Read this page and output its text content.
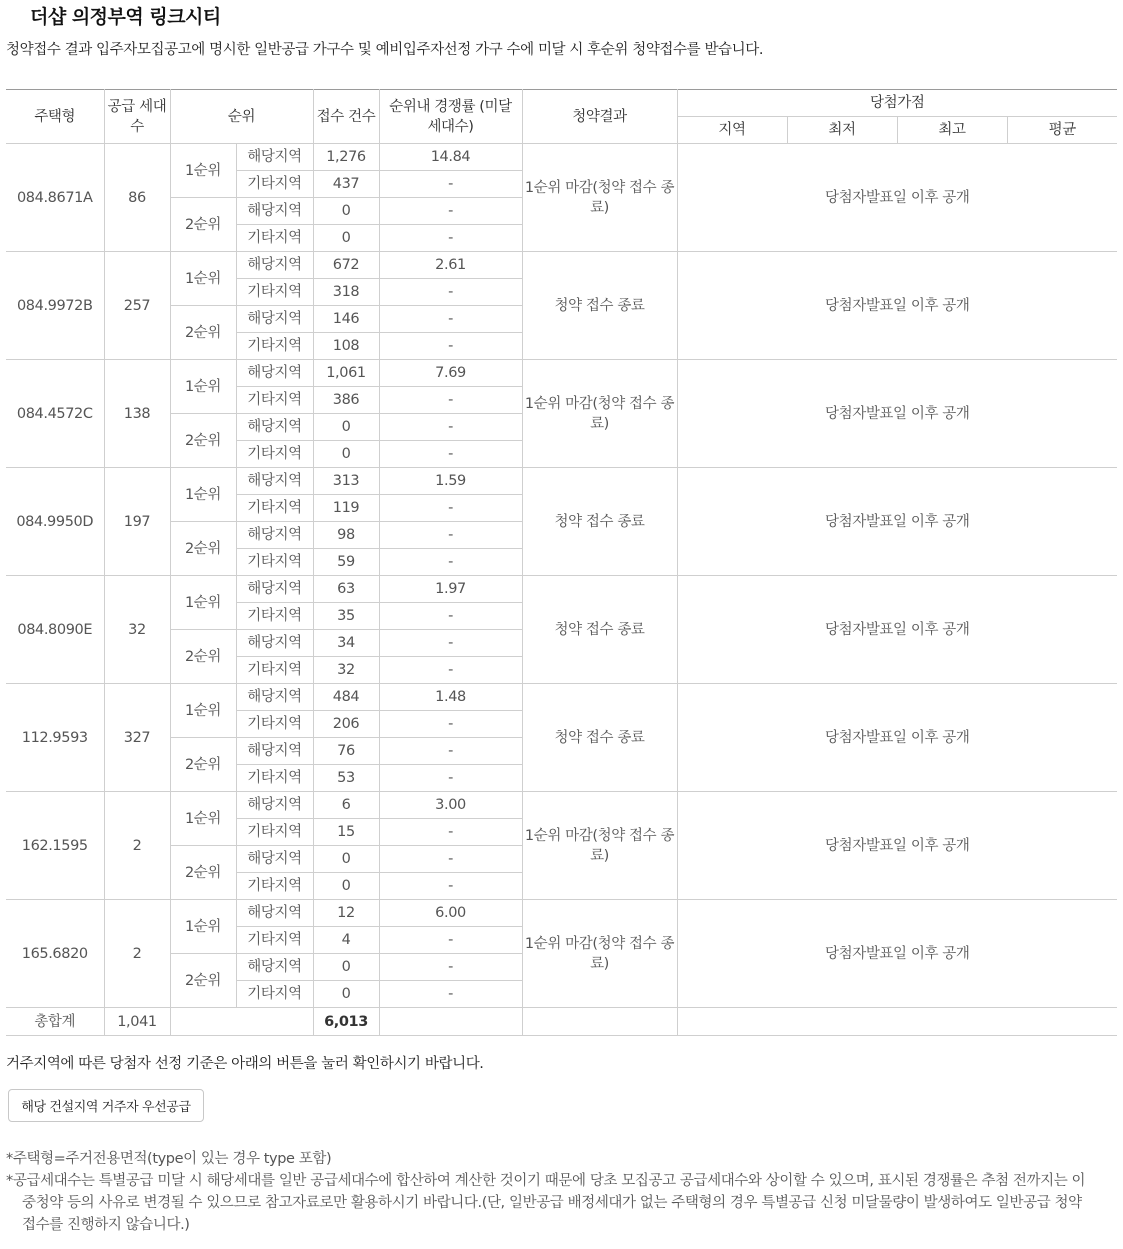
더샵 의정부역 링크시티
청약접수 결과 입주자모집공고에 명시한 일반공급 가구수 및 예비입주자선정 가구 수에 미달 시 후순위 청약접수를 받습니다.
주택형	공급 세대수	순위		접수 건수	순위내 경쟁률 (미달 세대수)	청약결과	당첨가점			
							지역	최저	최고	평균
084.8671A	86	1순위	해당지역	1,276	14.84	1순위 마감(청약 접수 종료)	당첨자발표일 이후 공개			
			기타지역	437	-					
		2순위	해당지역	0	-					
			기타지역	0	-					
084.9972B	257	1순위	해당지역	672	2.61	청약 접수 종료	당첨자발표일 이후 공개			
			기타지역	318	-					
		2순위	해당지역	146	-					
			기타지역	108	-					
084.4572C	138	1순위	해당지역	1,061	7.69	1순위 마감(청약 접수 종료)	당첨자발표일 이후 공개			
			기타지역	386	-					
		2순위	해당지역	0	-					
			기타지역	0	-					
084.9950D	197	1순위	해당지역	313	1.59	청약 접수 종료	당첨자발표일 이후 공개			
			기타지역	119	-					
		2순위	해당지역	98	-					
			기타지역	59	-					
084.8090E	32	1순위	해당지역	63	1.97	청약 접수 종료	당첨자발표일 이후 공개			
			기타지역	35	-					
		2순위	해당지역	34	-					
			기타지역	32	-					
112.9593	327	1순위	해당지역	484	1.48	청약 접수 종료	당첨자발표일 이후 공개			
			기타지역	206	-					
		2순위	해당지역	76	-					
			기타지역	53	-					
162.1595	2	1순위	해당지역	6	3.00	1순위 마감(청약 접수 종료)	당첨자발표일 이후 공개			
			기타지역	15	-					
		2순위	해당지역	0	-					
			기타지역	0	-					
165.6820	2	1순위	해당지역	12	6.00	1순위 마감(청약 접수 종료)	당첨자발표일 이후 공개			
			기타지역	4	-					
		2순위	해당지역	0	-					
			기타지역	0	-					
총합계	1,041			6,013						
거주지역에 따른 당첨자 선정 기준은 아래의 버튼을 눌러 확인하시기 바랍니다.
해당 건설지역 거주자 우선공급

*주택형=주거전용면적(type이 있는 경우 type 포함)

*공급세대수는 특별공급 미달 시 해당세대를 일반 공급세대수에 합산하여 계산한 것이기 때문에 당초 모집공고 공급세대수와 상이할 수 있으며, 표시된 경쟁률은 추첨 전까지는 이중청약 등의 사유로 변경될 수 있으므로 참고자료로만 활용하시기 바랍니다.(단, 일반공급 배정세대가 없는 주택형의 경우 특별공급 신청 미달물량이 발생하여도 일반공급 청약접수를 진행하지 않습니다.)
